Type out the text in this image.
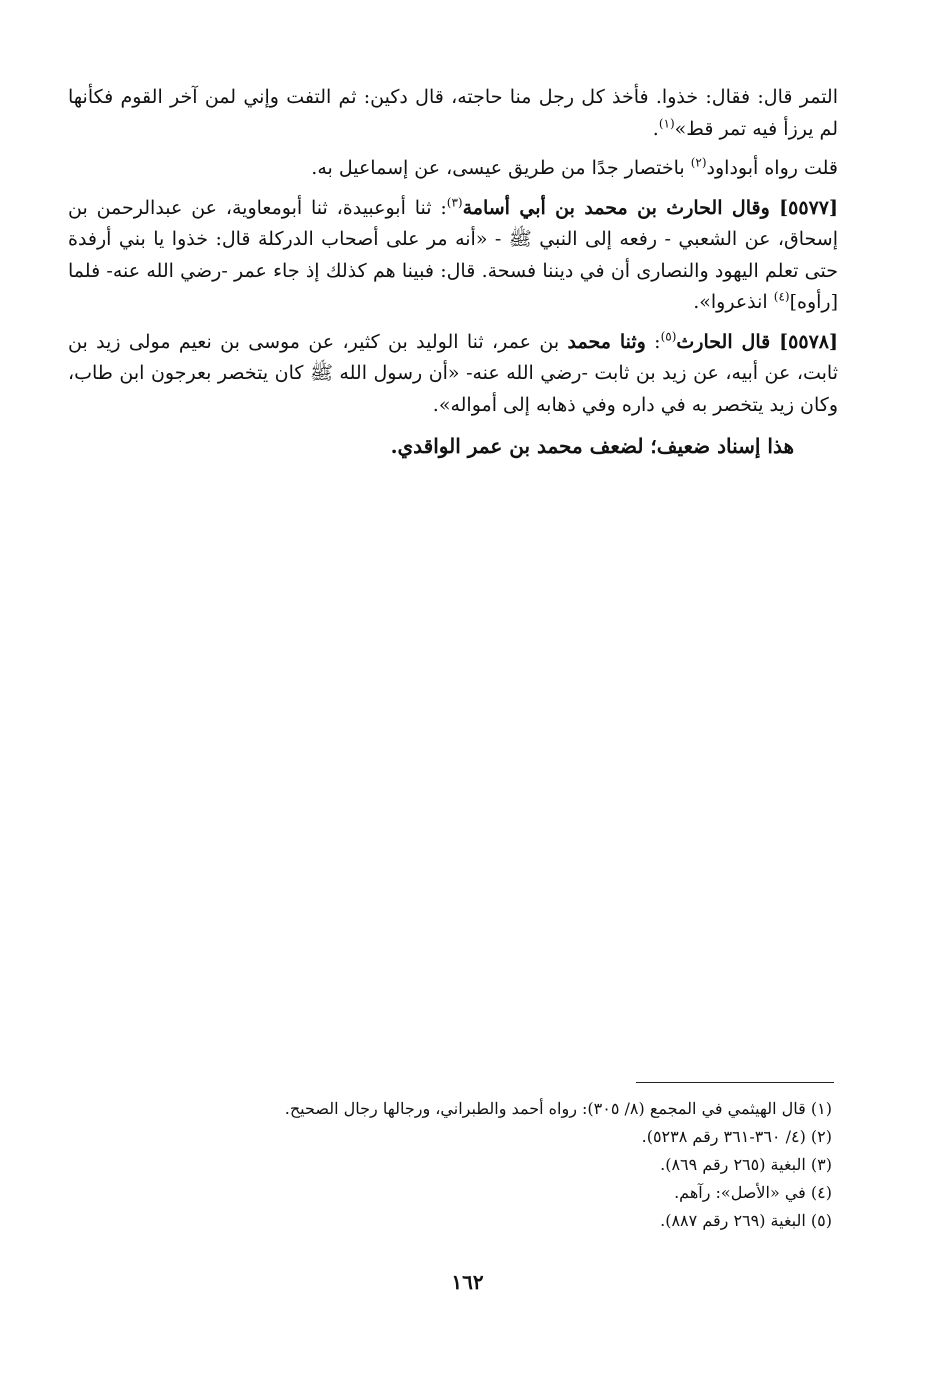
التمر قال: فقال: خذوا. فأخذ كل رجل منا حاجته، قال دكين: ثم التفت وإني لمن آخر القوم فكأنها لم يرزأ فيه تمر قط»$^{(١)}$.

قلت رواه أبوداود$^{(٢)}$ باختصار جدًا من طريق عيسى، عن إسماعيل به.

[٥٥٧٧] وقال الحارث بن محمد بن أبي أسامة$^{(٣)}$: ثنا أبوعبيدة، ثنا أبومعاوية، عن عبدالرحمن بن إسحاق، عن الشعبي - رفعه إلى النبي ﷺ - «أنه مر على أصحاب الدركلة قال: خذوا يا بني أرفدة حتى تعلم اليهود والنصارى أن في ديننا فسحة. قال: فبينا هم كذلك إذ جاء عمر -رضي الله عنه- فلما [رأوه]$^{(٤)}$ انذعروا».

[٥٥٧٨] قال الحارث$^{(٥)}$: وثنا محمد بن عمر، ثنا الوليد بن كثير، عن موسى بن نعيم مولى زيد بن ثابت، عن أبيه، عن زيد بن ثابت -رضي الله عنه- «أن رسول الله ﷺ كان يتخصر بعرجون ابن طاب، وكان زيد يتخصر به في داره وفي ذهابه إلى أمواله».

هذا إسناد ضعيف؛ لضعف محمد بن عمر الواقدي.

(١) قال الهيثمي في المجمع (٨/ ٣٠٥): رواه أحمد والطبراني، ورجالها رجال الصحيح.
(٢) (٤/ ٣٦٠-٣٦١ رقم ٥٢٣٨).
(٣) البغية (٢٦٥ رقم ٨٦٩).
(٤) في «الأصل»: رآهم.
(٥) البغية (٢٦٩ رقم ٨٨٧).
١٦٢
